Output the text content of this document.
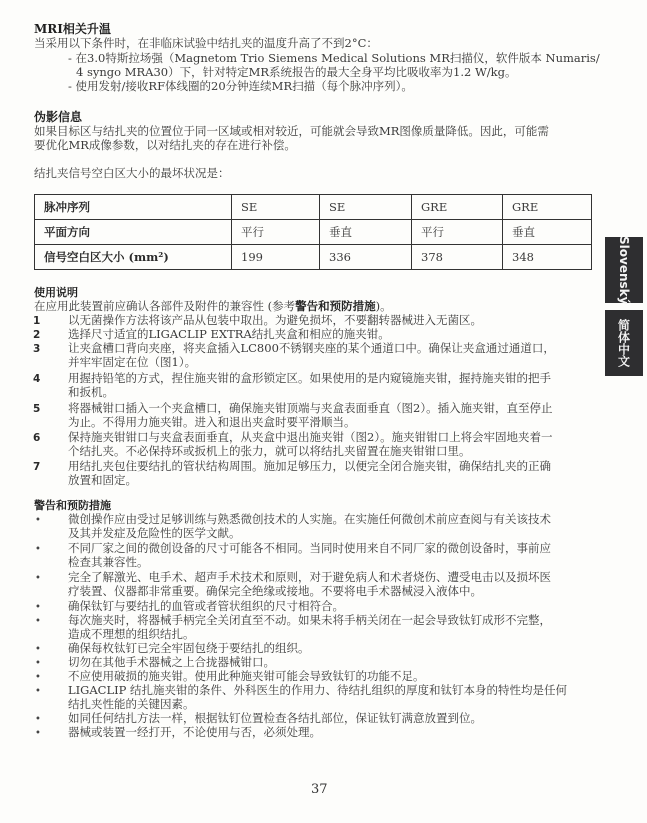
MRI相关升温
当采用以下条件时，在非临床试验中结扎夹的温度升高了不到2°C：
- 在3.0特斯拉场强（Magnetom Trio Siemens Medical Solutions MR扫描仪，软件版本 Numaris/
4 syngo MRA30）下，针对特定MR系统报告的最大全身平均比吸收率为1.2 W/kg。
- 使用发射/接收RF体线圈的20分钟连续MR扫描（每个脉冲序列）。
伪影信息
如果目标区与结扎夹的位置位于同一区域或相对较近，可能就会导致MR图像质量降低。因此，可能需
要优化MR成像参数，以对结扎夹的存在进行补偿。
结扎夹信号空白区大小的最坏状况是：
脉冲序列	SE	SE	GRE	GRE
平面方向	平行	垂直	平行	垂直
信号空白区大小 (mm²)	199	336	378	348
使用说明
在应用此装置前应确认各部件及附件的兼容性 (参考警告和预防措施)。
1 以无菌操作方法将该产品从包装中取出。为避免损坏，不要翻转器械进入无菌区。
2 选择尺寸适宜的LIGACLIP EXTRA结扎夹盒和相应的施夹钳。
3 让夹盒槽口背向夹座，将夹盒插入LC800不锈钢夹座的某个通道口中。确保让夹盒通过通道口，
并牢牢固定在位（图1）。
4 用握持铅笔的方式，捏住施夹钳的盒形锁定区。如果使用的是内窥镜施夹钳，握持施夹钳的把手
和扳机。
5 将器械钳口插入一个夹盒槽口，确保施夹钳顶端与夹盒表面垂直（图2）。插入施夹钳，直至停止
为止。不得用力施夹钳。进入和退出夹盒时要平滑顺当。
6 保持施夹钳钳口与夹盒表面垂直，从夹盒中退出施夹钳（图2）。施夹钳钳口上将会牢固地夹着一
个结扎夹。不必保持环或扳机上的张力，就可以将结扎夹留置在施夹钳钳口里。
7 用结扎夹包住要结扎的管状结构周围。施加足够压力，以便完全闭合施夹钳，确保结扎夹的正确
放置和固定。
警告和预防措施
• 微创操作应由受过足够训练与熟悉微创技术的人实施。在实施任何微创术前应查阅与有关该技术
及其并发症及危险性的医学文献。
• 不同厂家之间的微创设备的尺寸可能各不相同。当同时使用来自不同厂家的微创设备时，事前应
检查其兼容性。
• 完全了解激光、电手术、超声手术技术和原则，对于避免病人和术者烧伤、遭受电击以及损坏医
疗装置、仪器都非常重要。确保完全绝缘或接地。不要将电手术器械浸入液体中。
• 确保钛钉与要结扎的血管或者管状组织的尺寸相符合。
• 每次施夹时，将器械手柄完全关闭直至不动。如果未将手柄关闭在一起会导致钛钉成形不完整，
造成不理想的组织结扎。
• 确保每枚钛钉已完全牢固包绕于要结扎的组织。
• 切勿在其他手术器械之上合拢器械钳口。
• 不应使用破损的施夹钳。使用此种施夹钳可能会导致钛钉的功能不足。
• LIGACLIP 结扎施夹钳的条件、外科医生的作用力、待结扎组织的厚度和钛钉本身的特性均是任何
结扎夹性能的关键因素。
• 如同任何结扎方法一样，根据钛钉位置检查各结扎部位，保证钛钉满意放置到位。
• 器械或装置一经打开，不论使用与否，必须处理。
Slovenský
简体中文
37
